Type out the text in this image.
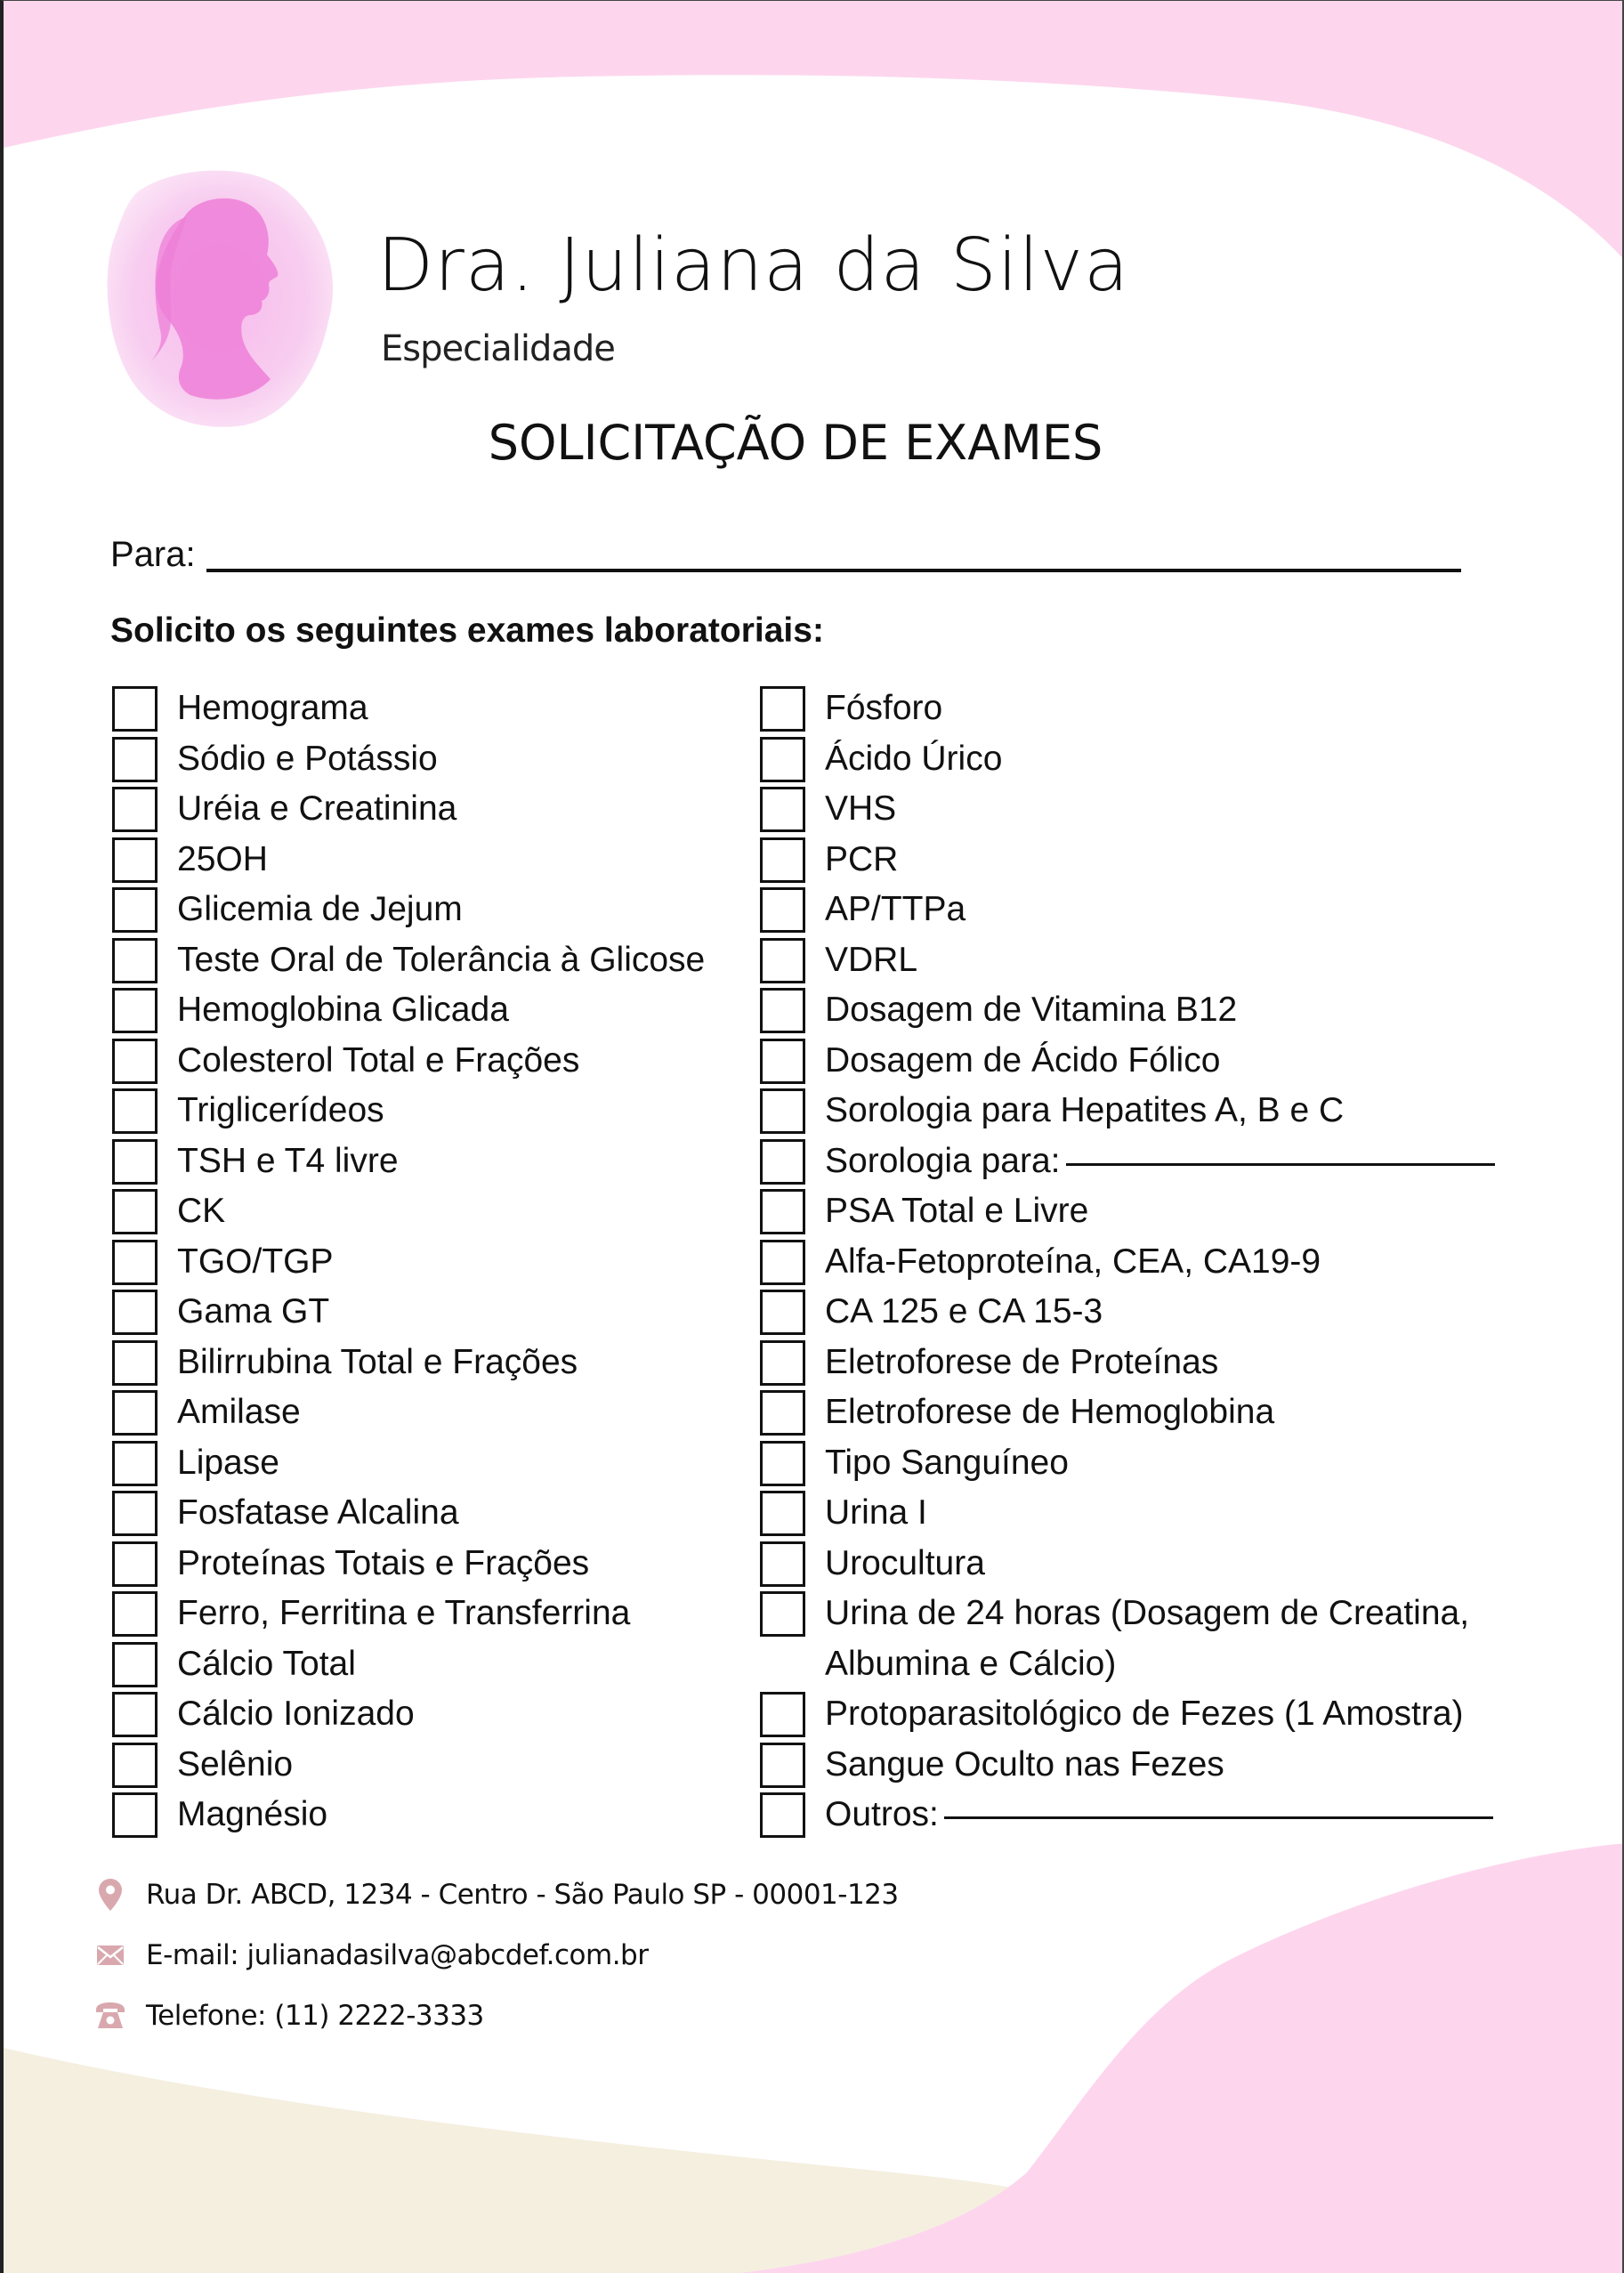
Dra. Juliana da Silva
Especialidade
SOLICITAÇÃO DE EXAMES
Para:
Solicito os seguintes exames laboratoriais:
Hemograma
Sódio e Potássio
Uréia e Creatinina
25OH
Glicemia de Jejum
Teste Oral de Tolerância à Glicose
Hemoglobina Glicada
Colesterol Total e Frações
Triglicerídeos
TSH e T4 livre
CK
TGO/TGP
Gama GT
Bilirrubina Total e Frações
Amilase
Lipase
Fosfatase Alcalina
Proteínas Totais e Frações
Ferro, Ferritina e Transferrina
Cálcio Total
Cálcio Ionizado
Selênio
Magnésio
Fósforo
Ácido Úrico
VHS
PCR
AP/TTPa
VDRL
Dosagem de Vitamina B12
Dosagem de Ácido Fólico
Sorologia para Hepatites A, B e C
Sorologia para:
PSA Total e Livre
Alfa-Fetoproteína, CEA, CA19-9
CA 125 e CA 15-3
Eletroforese de Proteínas
Eletroforese de Hemoglobina
Tipo Sanguíneo
Urina I
Urocultura
Urina de 24 horas (Dosagem de Creatina, Albumina e Cálcio)
Protoparasitológico de Fezes (1 Amostra)
Sangue Oculto nas Fezes
Outros:
Rua Dr. ABCD, 1234 - Centro - São Paulo SP - 00001-123
E-mail: julianadasilva@abcdef.com.br
Telefone: (11) 2222-3333
